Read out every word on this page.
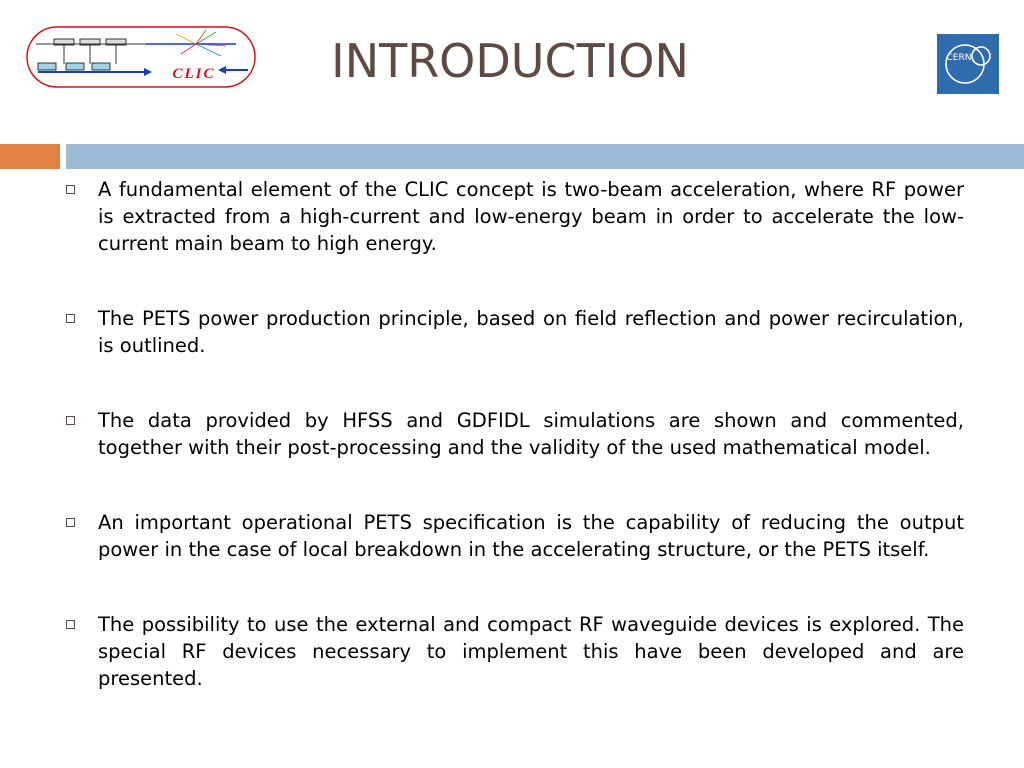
CLIC	INTRODUCTION	CERN

A fundamental element of the CLIC concept is two-beam acceleration, where RF power is extracted from a high-current and low-energy beam in order to accelerate the low-current main beam to high energy.

The PETS power production principle, based on field reflection and power recirculation, is outlined.

The data provided by HFSS and GDFIDL simulations are shown and commented, together with their post-processing and the validity of the used mathematical model.

An important operational PETS specification is the capability of reducing the output power in the case of local breakdown in the accelerating structure, or the PETS itself.

The possibility to use the external and compact RF waveguide devices is explored. The special RF devices necessary to implement this have been developed and are presented.
